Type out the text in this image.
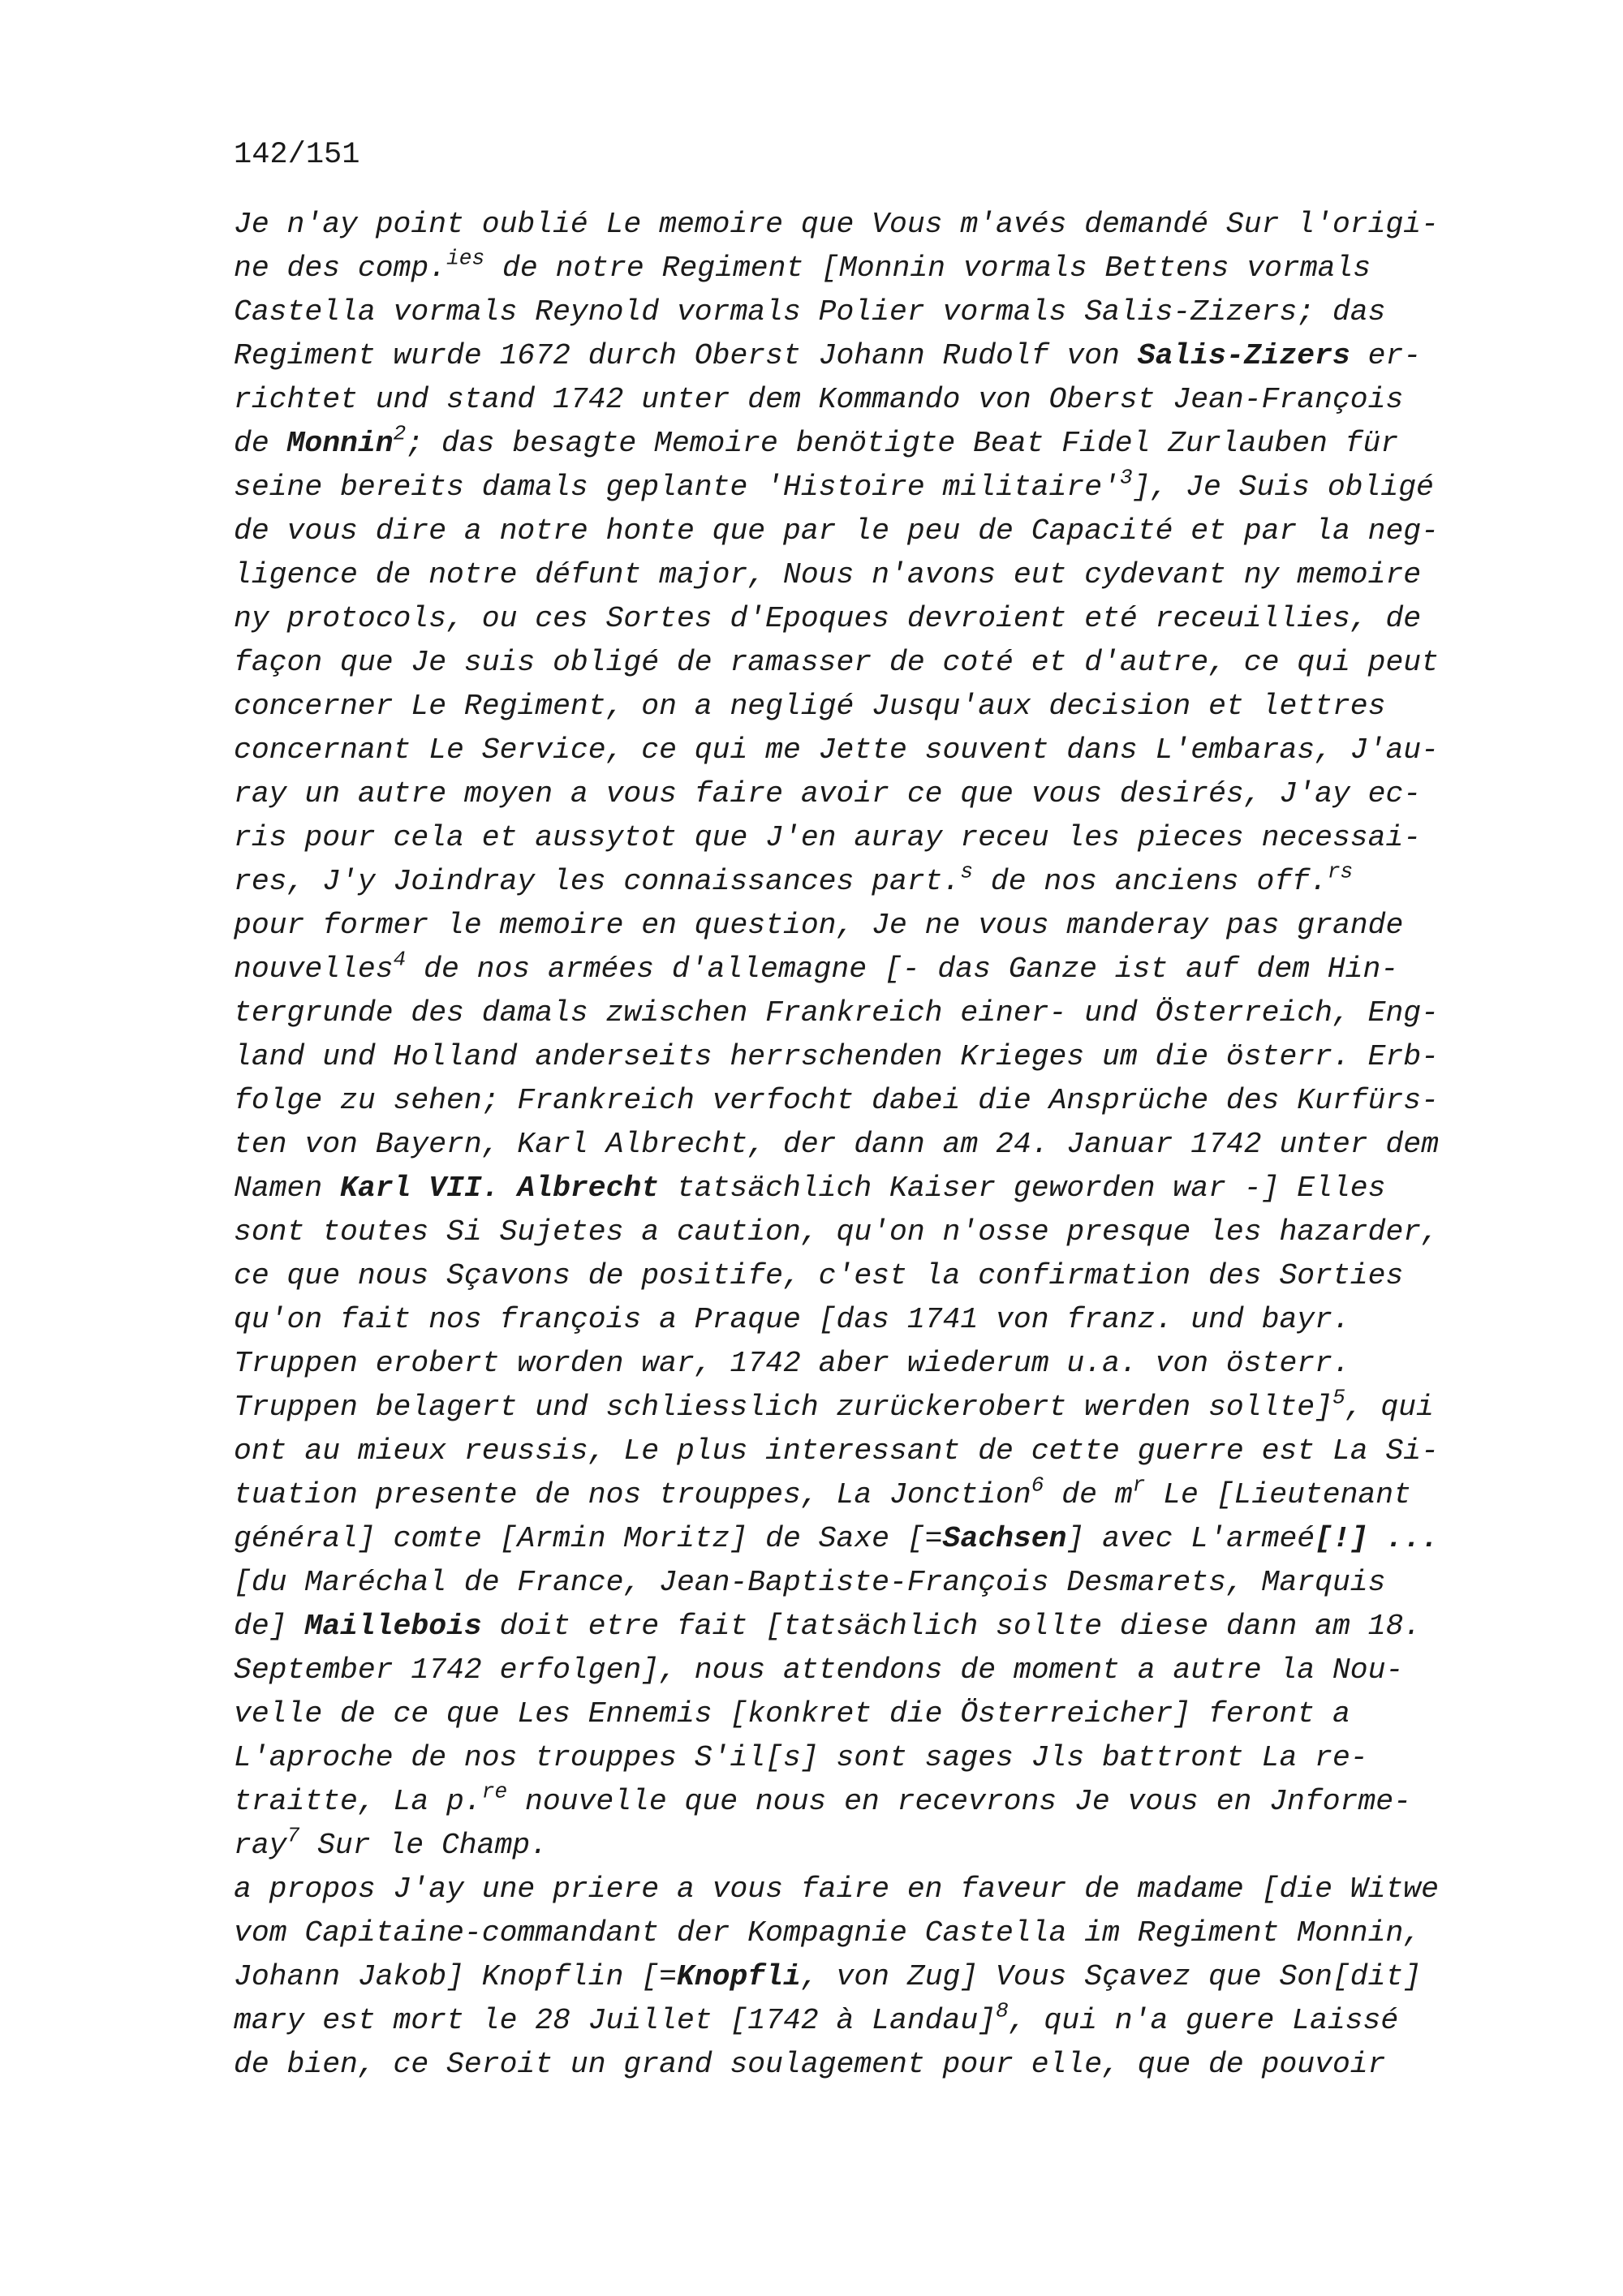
142/151
Je n'ay point oublié Le memoire que Vous m'avés demandé Sur l'origi-
ne des comp.$^{ies}$ de notre Regiment [Monnin vormals Bettens vormals
Castella vormals Reynold vormals Polier vormals Salis-Zizers; das
Regiment wurde 1672 durch Oberst Johann Rudolf von Salis-Zizers er-
richtet und stand 1742 unter dem Kommando von Oberst Jean-François
de Monnin$^2$; das besagte Memoire benötigte Beat Fidel Zurlauben für
seine bereits damals geplante 'Histoire $militaire'^3$], Je Suis obligé
de vous dire a notre honte que par le peu de Capacité et par la neg-
ligence de notre défunt major, Nous n'avons eut cydevant ny memoire
ny protocols, ou ces Sortes d'Epoques devroient eté receuillies, de
façon que Je suis obligé de ramasser de coté et d'autre, ce qui peut
concerner Le Regiment, on a negligé Jusqu'aux decision et lettres
concernant Le Service, ce qui me Jette souvent dans L'embaras, J'au-
ray un autre moyen a vous faire avoir ce que vous desirés, J'ay ec-
ris pour cela et aussytot que J'en auray receu les pieces necessai-
res, J'y Joindray les connaissances part.$^s$ de nos anciens off.$^{rs}$
pour former le memoire en question, Je ne vous manderay pas grande
nouvelles$^4$ de nos armées d'allemagne [- das Ganze ist auf dem Hin-
tergrunde des damals zwischen Frankreich einer- und Österreich, Eng-
land und Holland anderseits herrschenden Krieges um die österr. Erb-
folge zu sehen; Frankreich verfocht dabei die Ansprüche des Kurfürs-
ten von Bayern, Karl Albrecht, der dann am 24. Januar 1742 unter dem
Namen Karl VII. Albrecht tatsächlich Kaiser geworden war -] Elles
sont toutes Si Sujetes a caution, qu'on n'osse presque les hazarder,
ce que nous Sçavons de positife, c'est la confirmation des Sorties
qu'on fait nos françois a Praque [das 1741 von franz. und bayr.
Truppen erobert worden war, 1742 aber wiederum u.a. von österr.
Truppen belagert und schliesslich zurückerobert werden sollte]$^5$, qui
ont au mieux reussis, Le plus interessant de cette guerre est La Si-
tuation presente de nos trouppes, La Jonction$^6$ de $m^r$ Le [Lieutenant
général] comte [Armin Moritz] de Saxe [=Sachsen] avec L'armeé[!] ...
[du Maréchal de France, Jean-Baptiste-François Desmarets, Marquis
de] Maillebois doit etre fait [tatsächlich sollte diese dann am 18.
September 1742 erfolgen], nous attendons de moment a autre la Nou-
velle de ce que Les Ennemis [konkret die Österreicher] feront a
L'aproche de nos trouppes S'il[s] sont sages Jls battront La re-
traitte, La p.$^{re}$ nouvelle que nous en recevrons Je vous en Jnforme-
ray$^7$ Sur le Champ.
a propos J'ay une priere a vous faire en faveur de madame [die Witwe
vom Capitaine-commandant der Kompagnie Castella im Regiment Monnin,
Johann Jakob] Knopflin [=Knopfli, von Zug] Vous Sçavez que Son[dit]
mary est mort le 28 Juillet [1742 à Landau]$^8$, qui n'a guere Laissé
de bien, ce Seroit un grand soulagement pour elle, que de pouvoir
